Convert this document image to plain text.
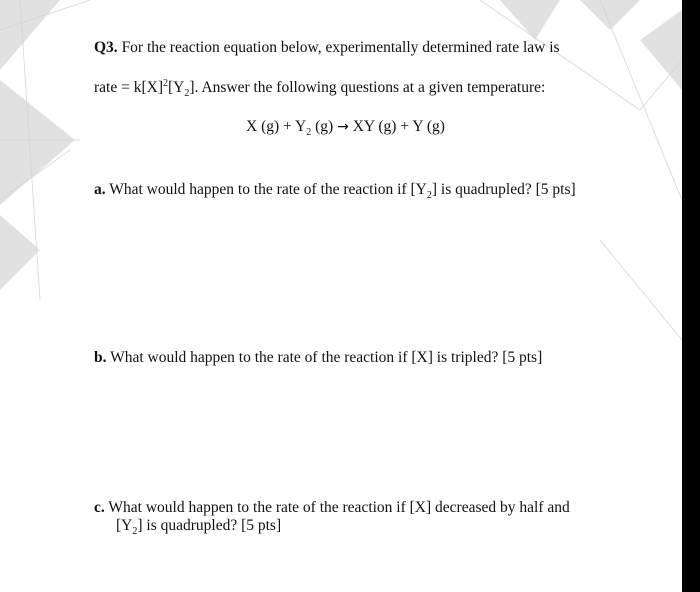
Q3. For the reaction equation below, experimentally determined rate law is
rate = $k[X]^2[Y_2]$. Answer the following questions at a given temperature:
X $(g) + Y_2$ (g) → XY (g) + Y (g)
a. What would happen to the rate of the reaction if $[Y_2]$ is quadrupled? [5 pts]
b. What would happen to the rate of the reaction if [X] is tripled? [5 pts]
c. What would happen to the rate of the reaction if [X] decreased by half and
$[Y_2]$ is quadrupled? [5 pts]
